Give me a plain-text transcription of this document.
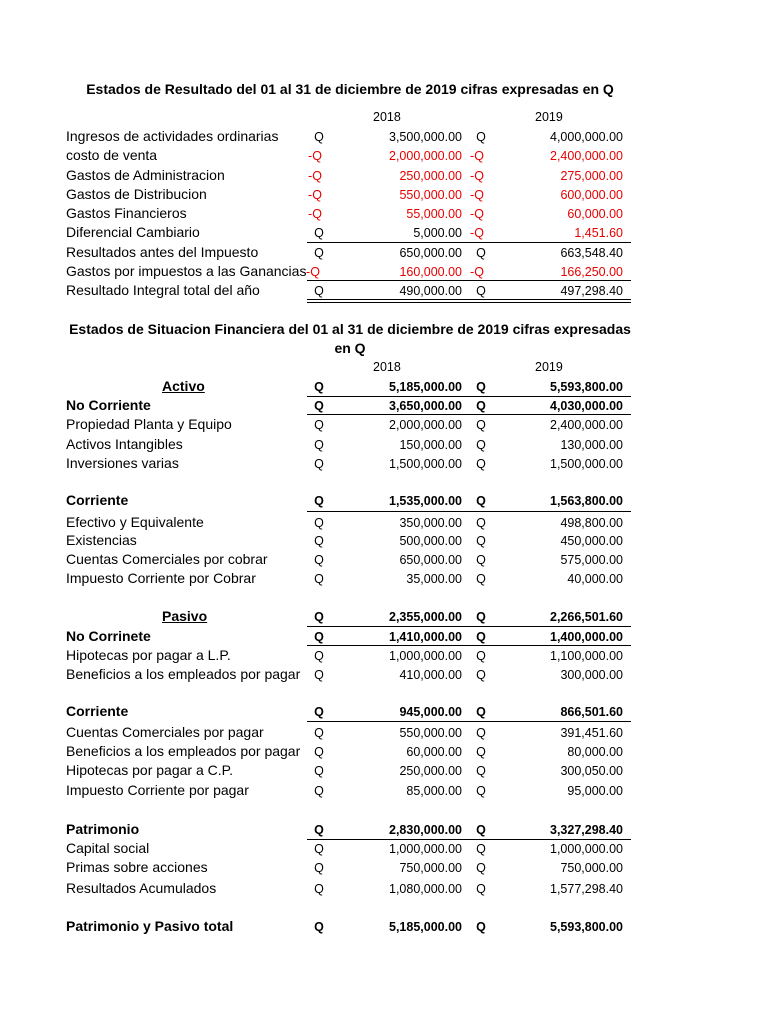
Estados de Resultado del 01 al 31 de diciembre de 2019 cifras expresadas en Q
2018	2019
Ingresos de actividades ordinarias	Q	3,500,000.00 Q	4,000,000.00
costo de venta	-Q	2,000,000.00 -Q	2,400,000.00
Gastos de Administracion	-Q	250,000.00 -Q	275,000.00
Gastos de Distribucion	-Q	550,000.00 -Q	600,000.00
Gastos Financieros	-Q	55,000.00 -Q	60,000.00
Diferencial Cambiario	Q	5,000.00 -Q	1,451.60
Resultados antes del Impuesto	Q	650,000.00 Q	663,548.40
Gastos por impuestos a las Ganancias -Q	160,000.00 -Q	166,250.00
Resultado Integral total del año	Q	490,000.00 Q	497,298.40
Estados de Situacion Financiera del 01 al 31 de diciembre de 2019 cifras expresadas en Q
2018	2019
Activo	Q	5,185,000.00 Q	5,593,800.00
No Corriente	Q	3,650,000.00 Q	4,030,000.00
Propiedad Planta y Equipo	Q	2,000,000.00 Q	2,400,000.00
Activos Intangibles	Q	150,000.00 Q	130,000.00
Inversiones varias	Q	1,500,000.00 Q	1,500,000.00
Corriente	Q	1,535,000.00 Q	1,563,800.00
Efectivo y Equivalente	Q	350,000.00 Q	498,800.00
Existencias	Q	500,000.00 Q	450,000.00
Cuentas Comerciales por cobrar	Q	650,000.00 Q	575,000.00
Impuesto Corriente por Cobrar	Q	35,000.00 Q	40,000.00
Pasivo	Q	2,355,000.00 Q	2,266,501.60
No Corrinete	Q	1,410,000.00 Q	1,400,000.00
Hipotecas por pagar a L.P.	Q	1,000,000.00 Q	1,100,000.00
Beneficios a los empleados por pagar Q	410,000.00 Q	300,000.00
Corriente	Q	945,000.00 Q	866,501.60
Cuentas Comerciales por pagar	Q	550,000.00 Q	391,451.60
Beneficios a los empleados por pagar Q	60,000.00 Q	80,000.00
Hipotecas por pagar a C.P.	Q	250,000.00 Q	300,050.00
Impuesto Corriente por pagar	Q	85,000.00 Q	95,000.00
Patrimonio	Q	2,830,000.00 Q	3,327,298.40
Capital social	Q	1,000,000.00 Q	1,000,000.00
Primas sobre acciones	Q	750,000.00 Q	750,000.00
Resultados Acumulados	Q	1,080,000.00 Q	1,577,298.40
Patrimonio y Pasivo total	Q	5,185,000.00 Q	5,593,800.00
